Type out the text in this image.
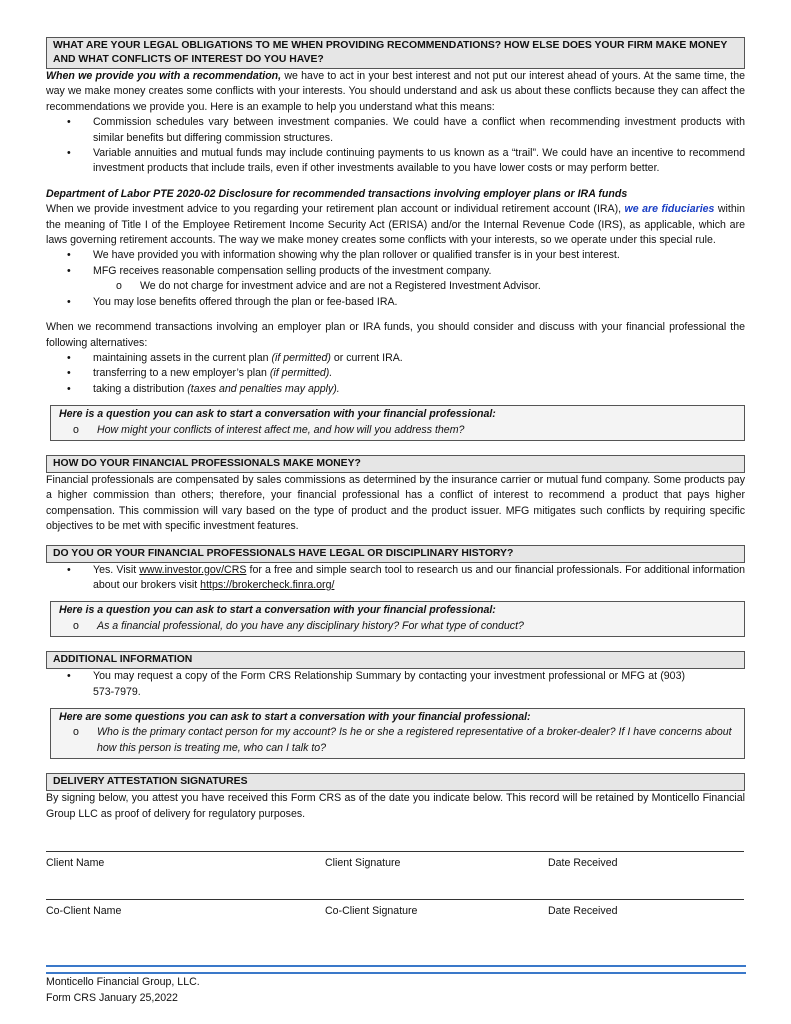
WHAT ARE YOUR LEGAL OBLIGATIONS TO ME WHEN PROVIDING RECOMMENDATIONS? HOW ELSE DOES YOUR FIRM MAKE MONEY AND WHAT CONFLICTS OF INTEREST DO YOU HAVE?

When we provide you with a recommendation, we have to act in your best interest and not put our interest ahead of yours. At the same time, the way we make money creates some conflicts with your interests. You should understand and ask us about these conflicts because they can affect the recommendations we provide you. Here is an example to help you understand what this means:

• Commission schedules vary between investment companies. We could have a conflict when recommending investment products with similar benefits but differing commission structures.
• Variable annuities and mutual funds may include continuing payments to us known as a “trail”. We could have an incentive to recommend investment products that include trails, even if other investments available to you have lower costs or may perform better.

Department of Labor PTE 2020-02 Disclosure for recommended transactions involving employer plans or IRA funds

When we provide investment advice to you regarding your retirement plan account or individual retirement account (IRA), we are fiduciaries within the meaning of Title I of the Employee Retirement Income Security Act (ERISA) and/or the Internal Revenue Code (IRS), as applicable, which are laws governing retirement accounts. The way we make money creates some conflicts with your interests, so we operate under this special rule.

• We have provided you with information showing why the plan rollover or qualified transfer is in your best interest.
• MFG receives reasonable compensation selling products of the investment company.
o We do not charge for investment advice and are not a Registered Investment Advisor.
• You may lose benefits offered through the plan or fee-based IRA.

When we recommend transactions involving an employer plan or IRA funds, you should consider and discuss with your financial professional the following alternatives:

• maintaining assets in the current plan (if permitted) or current IRA.
• transferring to a new employer’s plan (if permitted).
• taking a distribution (taxes and penalties may apply).
Here is a question you can ask to start a conversation with your financial professional:
o How might your conflicts of interest affect me, and how will you address them?
HOW DO YOUR FINANCIAL PROFESSIONALS MAKE MONEY?

Financial professionals are compensated by sales commissions as determined by the insurance carrier or mutual fund company. Some products pay a higher commission than others; therefore, your financial professional has a conflict of interest to recommend a product that pays higher compensation. This commission will vary based on the type of product and the product issuer. MFG mitigates such conflicts by requiring specific objectives to be met with specific investment features.

DO YOU OR YOUR FINANCIAL PROFESSIONALS HAVE LEGAL OR DISCIPLINARY HISTORY?
• Yes. Visit www.investor.gov/CRS for a free and simple search tool to research us and our financial professionals. For additional information about our brokers visit https://brokercheck.finra.org/
Here is a question you can ask to start a conversation with your financial professional:
o As a financial professional, do you have any disciplinary history? For what type of conduct?
ADDITIONAL INFORMATION
• You may request a copy of the Form CRS Relationship Summary by contacting your investment professional or MFG at (903) 573-7979.
Here are some questions you can ask to start a conversation with your financial professional:
o Who is the primary contact person for my account? Is he or she a registered representative of a broker-dealer? If I have concerns about how this person is treating me, who can I talk to?
DELIVERY ATTESTATION SIGNATURES

By signing below, you attest you have received this Form CRS as of the date you indicate below. This record will be retained by Monticello Financial Group LLC as proof of delivery for regulatory purposes.

Client Name	Client Signature	Date Received
Co-Client Name	Co-Client Signature	Date Received
Monticello Financial Group, LLC.
Form CRS January 25,2022
